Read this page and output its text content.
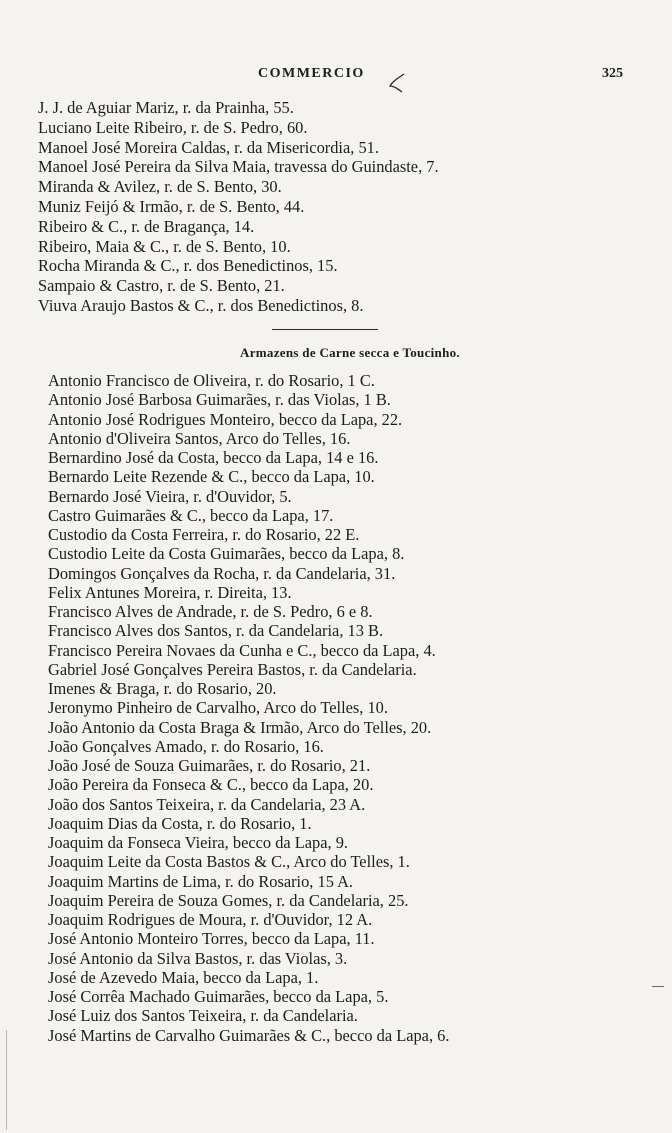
COMMERCIO	325
J. J. de Aguiar Mariz, r. da Prainha, 55.
Luciano Leite Ribeiro, r. de S. Pedro, 60.
Manoel José Moreira Caldas, r. da Misericordia, 51.
Manoel José Pereira da Silva Maia, travessa do Guindaste, 7.
Miranda & Avilez, r. de S. Bento, 30.
Muniz Feijó & Irmão, r. de S. Bento, 44.
Ribeiro & C., r. de Bragança, 14.
Ribeiro, Maia & C., r. de S. Bento, 10.
Rocha Miranda & C., r. dos Benedictinos, 15.
Sampaio & Castro, r. de S. Bento, 21.
Viuva Araujo Bastos & C., r. dos Benedictinos, 8.
Armazens de Carne secca e Toucinho.
Antonio Francisco de Oliveira, r. do Rosario, 1 C.
Antonio José Barbosa Guimarães, r. das Violas, 1 B.
Antonio José Rodrigues Monteiro, becco da Lapa, 22.
Antonio d'Oliveira Santos, Arco do Telles, 16.
Bernardino José da Costa, becco da Lapa, 14 e 16.
Bernardo Leite Rezende & C., becco da Lapa, 10.
Bernardo José Vieira, r. d'Ouvidor, 5.
Castro Guimarães & C., becco da Lapa, 17.
Custodio da Costa Ferreira, r. do Rosario, 22 E.
Custodio Leite da Costa Guimarães, becco da Lapa, 8.
Domingos Gonçalves da Rocha, r. da Candelaria, 31.
Felix Antunes Moreira, r. Direita, 13.
Francisco Alves de Andrade, r. de S. Pedro, 6 e 8.
Francisco Alves dos Santos, r. da Candelaria, 13 B.
Francisco Pereira Novaes da Cunha e C., becco da Lapa, 4.
Gabriel José Gonçalves Pereira Bastos, r. da Candelaria.
Imenes & Braga, r. do Rosario, 20.
Jeronymo Pinheiro de Carvalho, Arco do Telles, 10.
João Antonio da Costa Braga & Irmão, Arco do Telles, 20.
João Gonçalves Amado, r. do Rosario, 16.
João José de Souza Guimarães, r. do Rosario, 21.
João Pereira da Fonseca & C., becco da Lapa, 20.
João dos Santos Teixeira, r. da Candelaria, 23 A.
Joaquim Dias da Costa, r. do Rosario, 1.
Joaquim da Fonseca Vieira, becco da Lapa, 9.
Joaquim Leite da Costa Bastos & C., Arco do Telles, 1.
Joaquim Martins de Lima, r. do Rosario, 15 A.
Joaquim Pereira de Souza Gomes, r. da Candelaria, 25.
Joaquim Rodrigues de Moura, r. d'Ouvidor, 12 A.
José Antonio Monteiro Torres, becco da Lapa, 11.
José Antonio da Silva Bastos, r. das Violas, 3.
José de Azevedo Maia, becco da Lapa, 1.
José Corrêa Machado Guimarães, becco da Lapa, 5.
José Luiz dos Santos Teixeira, r. da Candelaria.
José Martins de Carvalho Guimarães & C., becco da Lapa, 6.
